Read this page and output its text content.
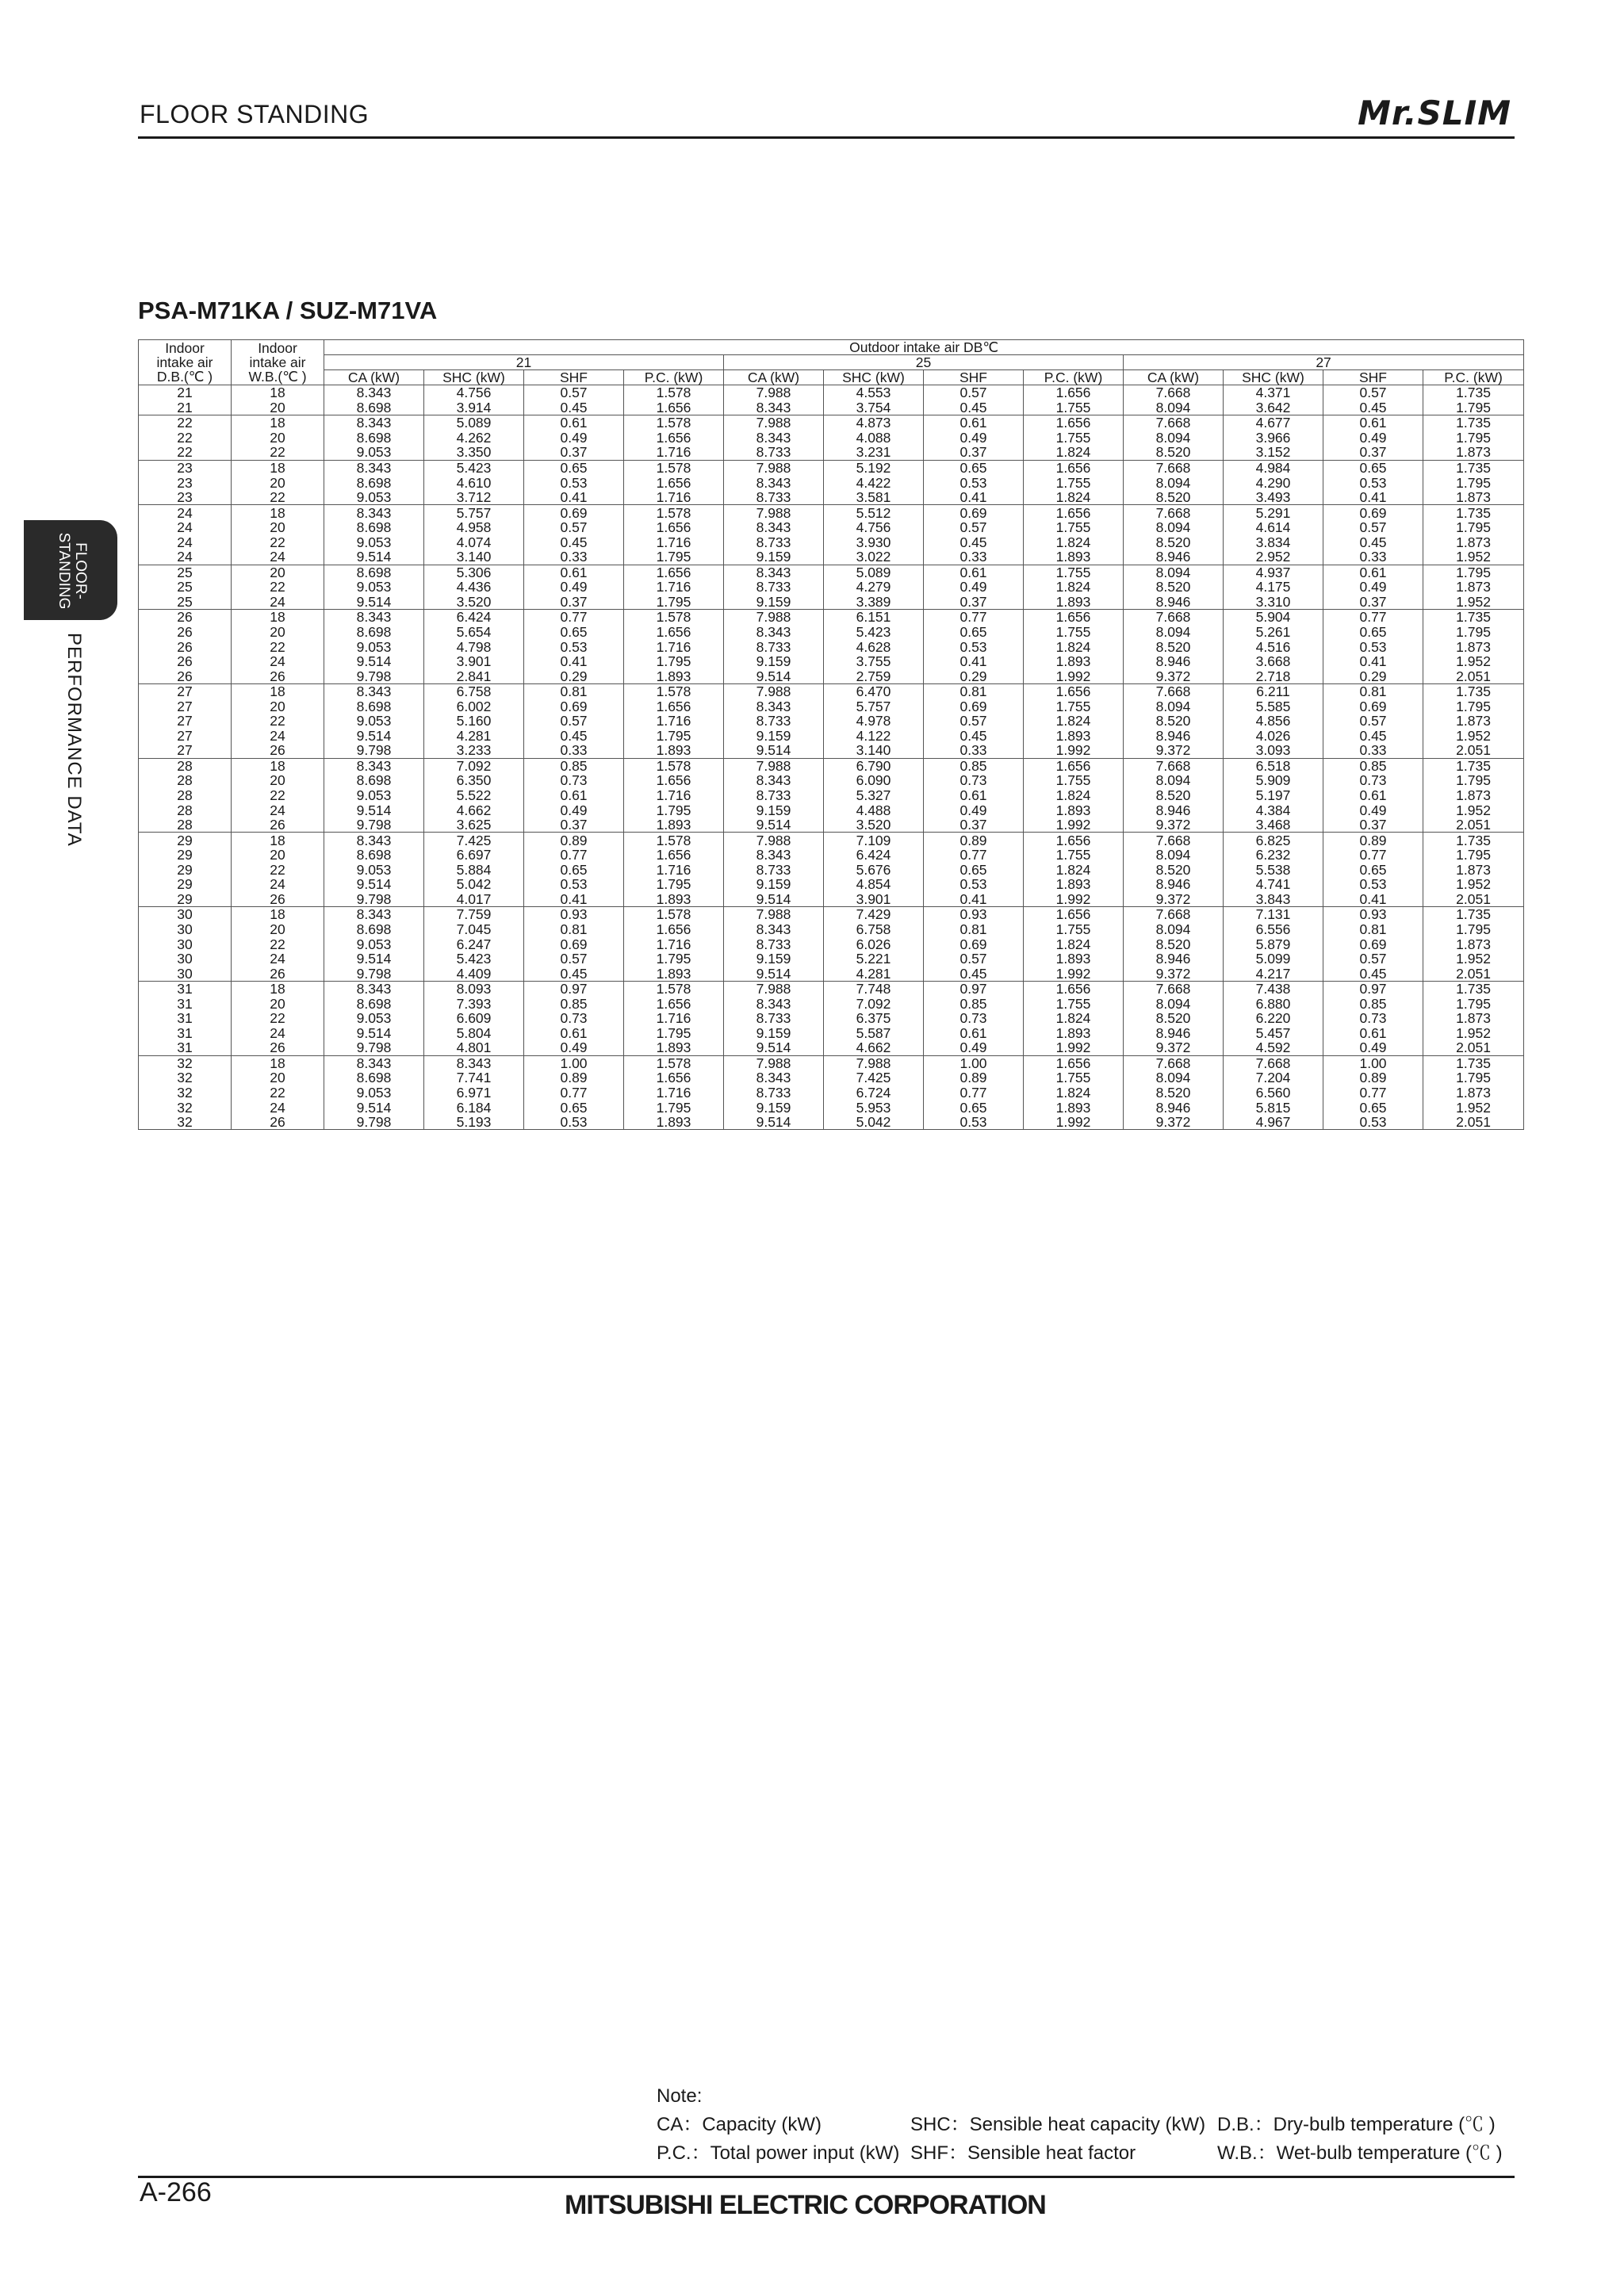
FLOOR STANDING	Mr.SLIM
FLOOR-
STANDING
PERFORMANCE DATA
PSA-M71KA / SUZ-M71VA
Indoor
intake air
D.B.(℃ )	Indoor
intake air
W.B.(℃ )	Outdoor intake air DB℃											
		21				25				27			
		CA (kW)	SHC (kW)	SHF	P.C. (kW)	CA (kW)	SHC (kW)	SHF	P.C. (kW)	CA (kW)	SHC (kW)	SHF	P.C. (kW)
21	18	8.343	4.756	0.57	1.578	7.988	4.553	0.57	1.656	7.668	4.371	0.57	1.735
21	20	8.698	3.914	0.45	1.656	8.343	3.754	0.45	1.755	8.094	3.642	0.45	1.795
22	18	8.343	5.089	0.61	1.578	7.988	4.873	0.61	1.656	7.668	4.677	0.61	1.735
22	20	8.698	4.262	0.49	1.656	8.343	4.088	0.49	1.755	8.094	3.966	0.49	1.795
22	22	9.053	3.350	0.37	1.716	8.733	3.231	0.37	1.824	8.520	3.152	0.37	1.873
23	18	8.343	5.423	0.65	1.578	7.988	5.192	0.65	1.656	7.668	4.984	0.65	1.735
23	20	8.698	4.610	0.53	1.656	8.343	4.422	0.53	1.755	8.094	4.290	0.53	1.795
23	22	9.053	3.712	0.41	1.716	8.733	3.581	0.41	1.824	8.520	3.493	0.41	1.873
24	18	8.343	5.757	0.69	1.578	7.988	5.512	0.69	1.656	7.668	5.291	0.69	1.735
24	20	8.698	4.958	0.57	1.656	8.343	4.756	0.57	1.755	8.094	4.614	0.57	1.795
24	22	9.053	4.074	0.45	1.716	8.733	3.930	0.45	1.824	8.520	3.834	0.45	1.873
24	24	9.514	3.140	0.33	1.795	9.159	3.022	0.33	1.893	8.946	2.952	0.33	1.952
25	20	8.698	5.306	0.61	1.656	8.343	5.089	0.61	1.755	8.094	4.937	0.61	1.795
25	22	9.053	4.436	0.49	1.716	8.733	4.279	0.49	1.824	8.520	4.175	0.49	1.873
25	24	9.514	3.520	0.37	1.795	9.159	3.389	0.37	1.893	8.946	3.310	0.37	1.952
26	18	8.343	6.424	0.77	1.578	7.988	6.151	0.77	1.656	7.668	5.904	0.77	1.735
26	20	8.698	5.654	0.65	1.656	8.343	5.423	0.65	1.755	8.094	5.261	0.65	1.795
26	22	9.053	4.798	0.53	1.716	8.733	4.628	0.53	1.824	8.520	4.516	0.53	1.873
26	24	9.514	3.901	0.41	1.795	9.159	3.755	0.41	1.893	8.946	3.668	0.41	1.952
26	26	9.798	2.841	0.29	1.893	9.514	2.759	0.29	1.992	9.372	2.718	0.29	2.051
27	18	8.343	6.758	0.81	1.578	7.988	6.470	0.81	1.656	7.668	6.211	0.81	1.735
27	20	8.698	6.002	0.69	1.656	8.343	5.757	0.69	1.755	8.094	5.585	0.69	1.795
27	22	9.053	5.160	0.57	1.716	8.733	4.978	0.57	1.824	8.520	4.856	0.57	1.873
27	24	9.514	4.281	0.45	1.795	9.159	4.122	0.45	1.893	8.946	4.026	0.45	1.952
27	26	9.798	3.233	0.33	1.893	9.514	3.140	0.33	1.992	9.372	3.093	0.33	2.051
28	18	8.343	7.092	0.85	1.578	7.988	6.790	0.85	1.656	7.668	6.518	0.85	1.735
28	20	8.698	6.350	0.73	1.656	8.343	6.090	0.73	1.755	8.094	5.909	0.73	1.795
28	22	9.053	5.522	0.61	1.716	8.733	5.327	0.61	1.824	8.520	5.197	0.61	1.873
28	24	9.514	4.662	0.49	1.795	9.159	4.488	0.49	1.893	8.946	4.384	0.49	1.952
28	26	9.798	3.625	0.37	1.893	9.514	3.520	0.37	1.992	9.372	3.468	0.37	2.051
29	18	8.343	7.425	0.89	1.578	7.988	7.109	0.89	1.656	7.668	6.825	0.89	1.735
29	20	8.698	6.697	0.77	1.656	8.343	6.424	0.77	1.755	8.094	6.232	0.77	1.795
29	22	9.053	5.884	0.65	1.716	8.733	5.676	0.65	1.824	8.520	5.538	0.65	1.873
29	24	9.514	5.042	0.53	1.795	9.159	4.854	0.53	1.893	8.946	4.741	0.53	1.952
29	26	9.798	4.017	0.41	1.893	9.514	3.901	0.41	1.992	9.372	3.843	0.41	2.051
30	18	8.343	7.759	0.93	1.578	7.988	7.429	0.93	1.656	7.668	7.131	0.93	1.735
30	20	8.698	7.045	0.81	1.656	8.343	6.758	0.81	1.755	8.094	6.556	0.81	1.795
30	22	9.053	6.247	0.69	1.716	8.733	6.026	0.69	1.824	8.520	5.879	0.69	1.873
30	24	9.514	5.423	0.57	1.795	9.159	5.221	0.57	1.893	8.946	5.099	0.57	1.952
30	26	9.798	4.409	0.45	1.893	9.514	4.281	0.45	1.992	9.372	4.217	0.45	2.051
31	18	8.343	8.093	0.97	1.578	7.988	7.748	0.97	1.656	7.668	7.438	0.97	1.735
31	20	8.698	7.393	0.85	1.656	8.343	7.092	0.85	1.755	8.094	6.880	0.85	1.795
31	22	9.053	6.609	0.73	1.716	8.733	6.375	0.73	1.824	8.520	6.220	0.73	1.873
31	24	9.514	5.804	0.61	1.795	9.159	5.587	0.61	1.893	8.946	5.457	0.61	1.952
31	26	9.798	4.801	0.49	1.893	9.514	4.662	0.49	1.992	9.372	4.592	0.49	2.051
32	18	8.343	8.343	1.00	1.578	7.988	7.988	1.00	1.656	7.668	7.668	1.00	1.735
32	20	8.698	7.741	0.89	1.656	8.343	7.425	0.89	1.755	8.094	7.204	0.89	1.795
32	22	9.053	6.971	0.77	1.716	8.733	6.724	0.77	1.824	8.520	6.560	0.77	1.873
32	24	9.514	6.184	0.65	1.795	9.159	5.953	0.65	1.893	8.946	5.815	0.65	1.952
32	26	9.798	5.193	0.53	1.893	9.514	5.042	0.53	1.992	9.372	4.967	0.53	2.051
Note:
CA：Capacity (kW)	SHC：Sensible heat capacity (kW) D.B.：Dry-bulb temperature (℃ )
P.C.：Total power input (kW) SHF：Sensible heat factor	W.B.：Wet-bulb temperature (℃ )
A-266	MITSUBISHI ELECTRIC CORPORATION
